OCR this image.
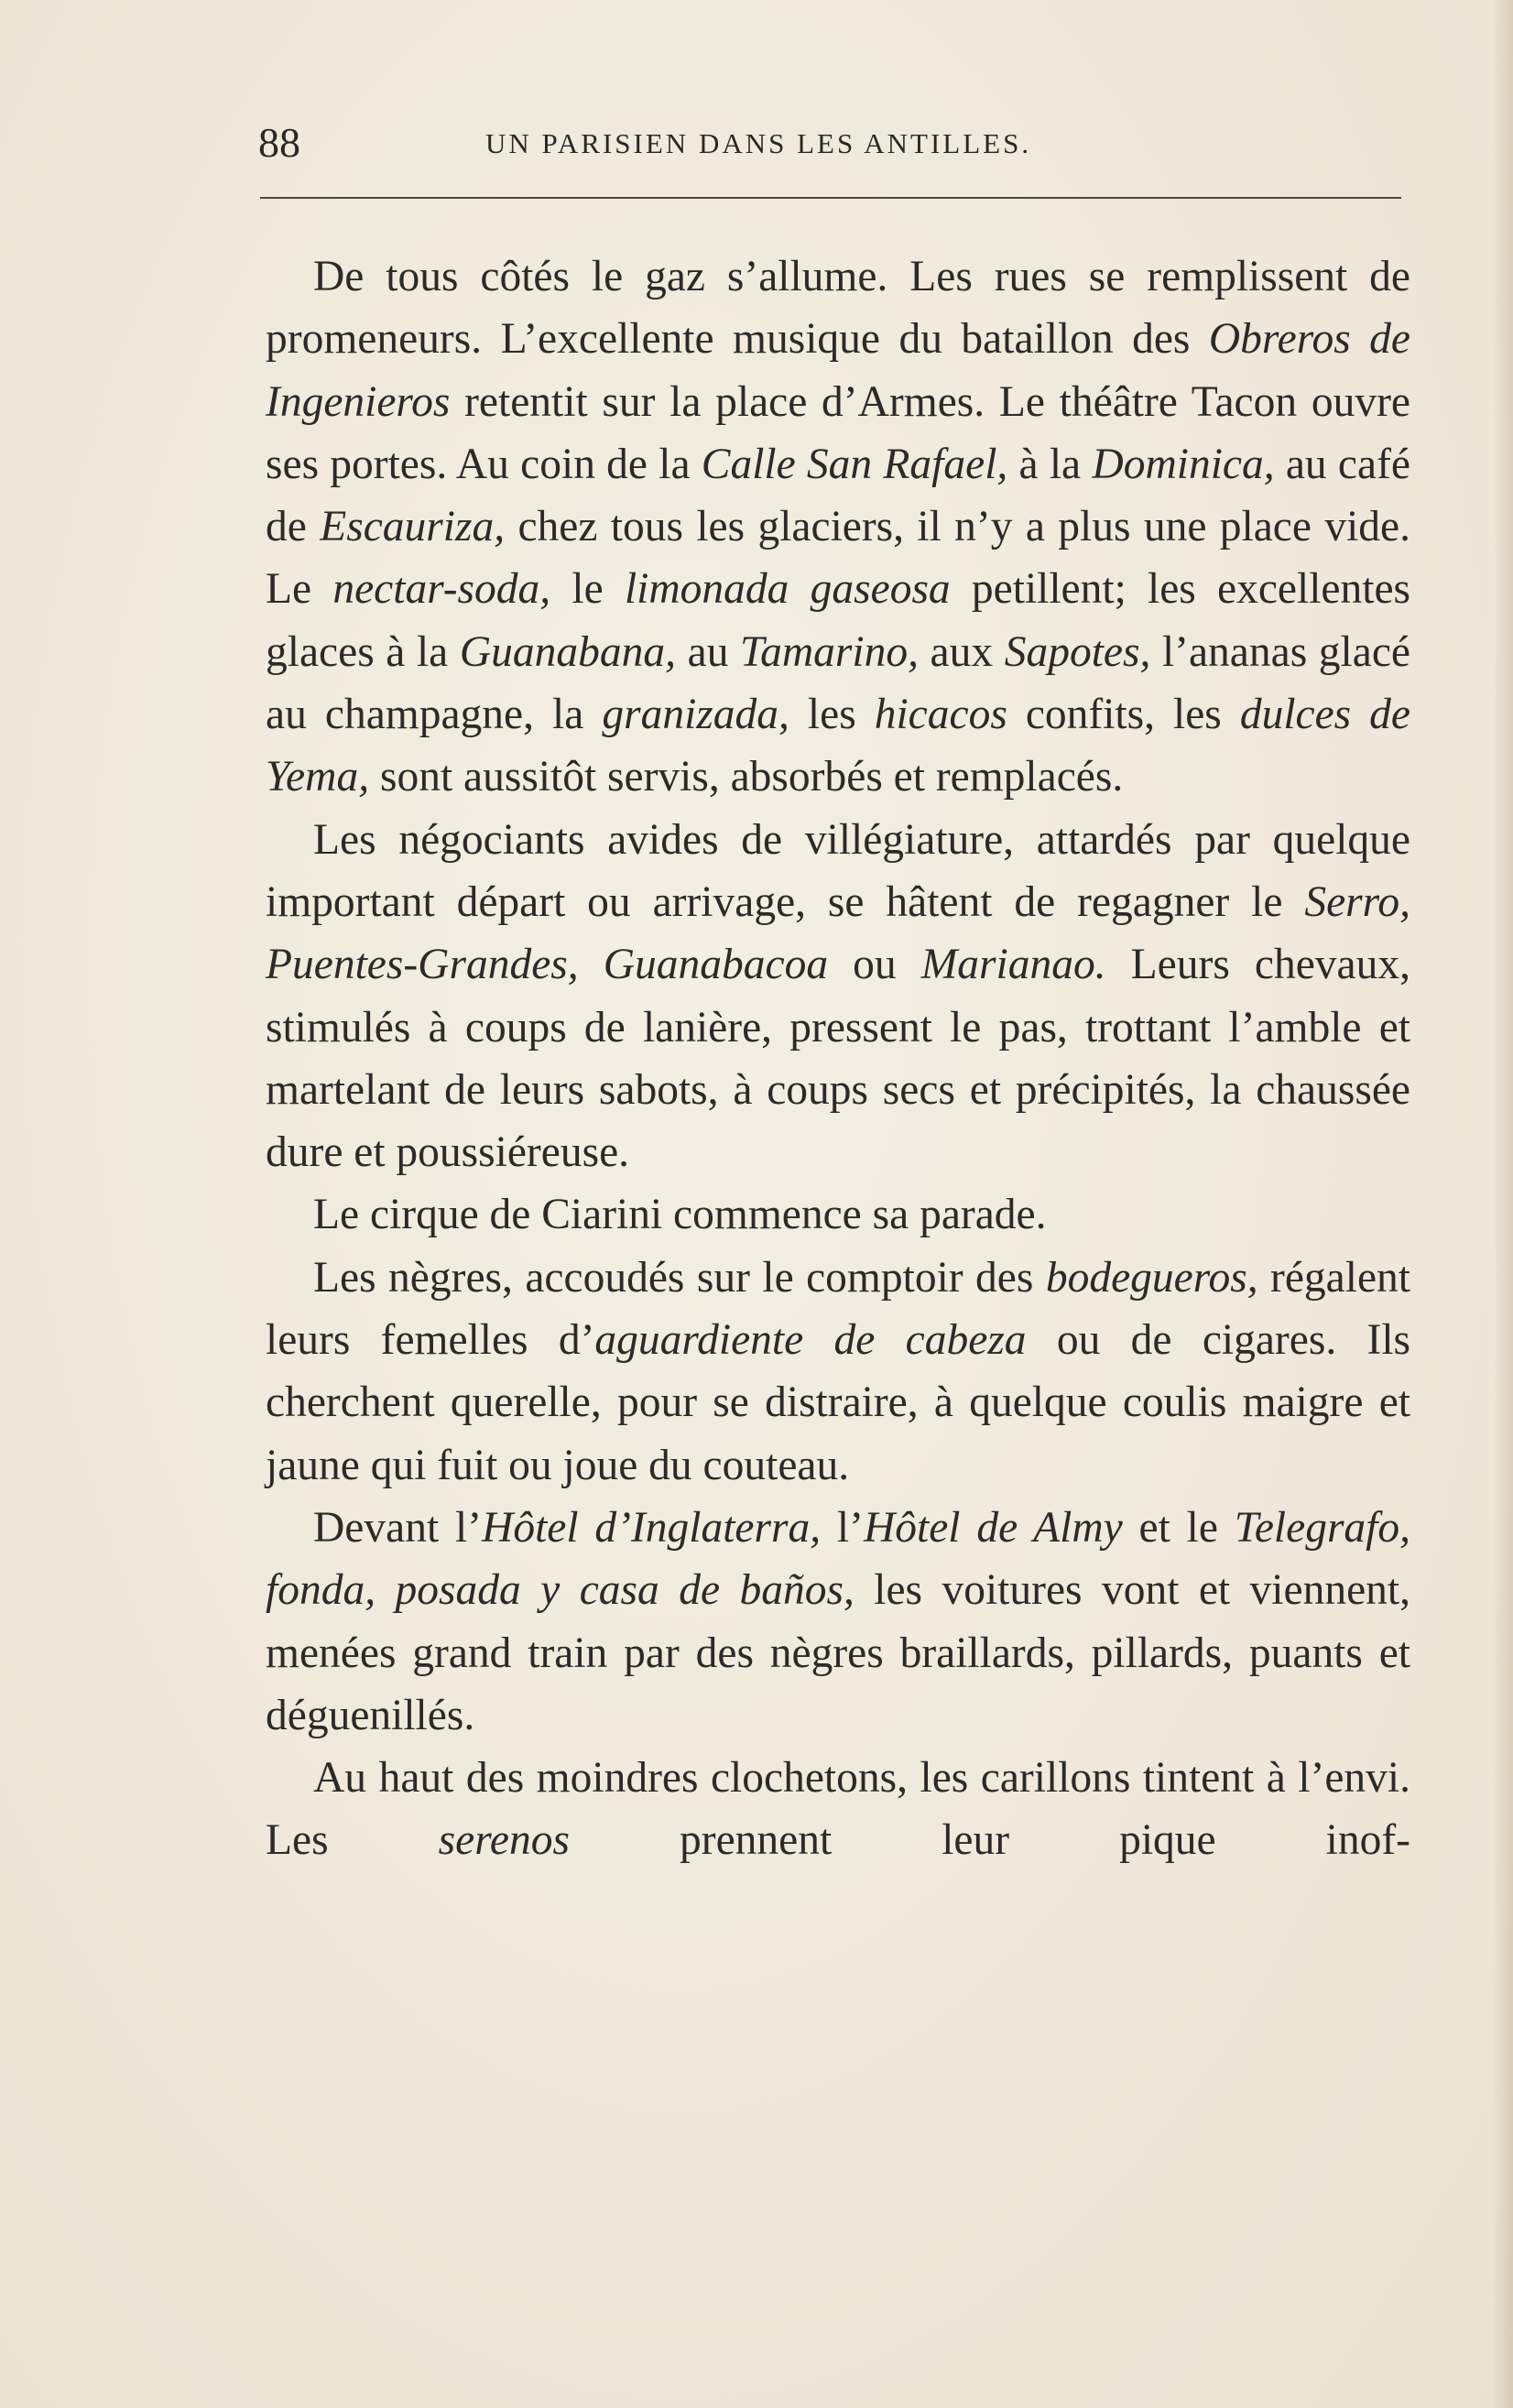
88	UN PARISIEN DANS LES ANTILLES.

De tous côtés le gaz s’allume. Les rues se remplissent de promeneurs. L’excellente musique du bataillon des Obreros de Ingenieros retentit sur la place d’Armes. Le théâtre Tacon ouvre ses portes. Au coin de la Calle San Rafael, à la Dominica, au café de Escauriza, chez tous les glaciers, il n’y a plus une place vide. Le nectar-soda, le limonada gaseosa petillent; les excellentes glaces à la Guanabana, au Tamarino, aux Sapotes, l’ananas glacé au champagne, la granizada, les hicacos confits, les dulces de Yema, sont aussitôt servis, absorbés et remplacés.

Les négociants avides de villégiature, attardés par quelque important départ ou arrivage, se hâtent de regagner le Serro, Puentes-Grandes, Guanabacoa ou Marianao. Leurs chevaux, stimulés à coups de lanière, pressent le pas, trottant l’amble et martelant de leurs sabots, à coups secs et précipités, la chaussée dure et poussiéreuse.

Le cirque de Ciarini commence sa parade.

Les nègres, accoudés sur le comptoir des bodegueros, régalent leurs femelles d’aguardiente de cabeza ou de cigares. Ils cherchent querelle, pour se distraire, à quelque coulis maigre et jaune qui fuit ou joue du couteau.

Devant l’Hôtel d’Inglaterra, l’Hôtel de Almy et le Telegrafo, fonda, posada y casa de baños, les voitures vont et viennent, menées grand train par des nègres braillards, pillards, puants et déguenillés.

Au haut des moindres clochetons, les carillons tintent à l’envi. Les serenos prennent leur pique inof-
